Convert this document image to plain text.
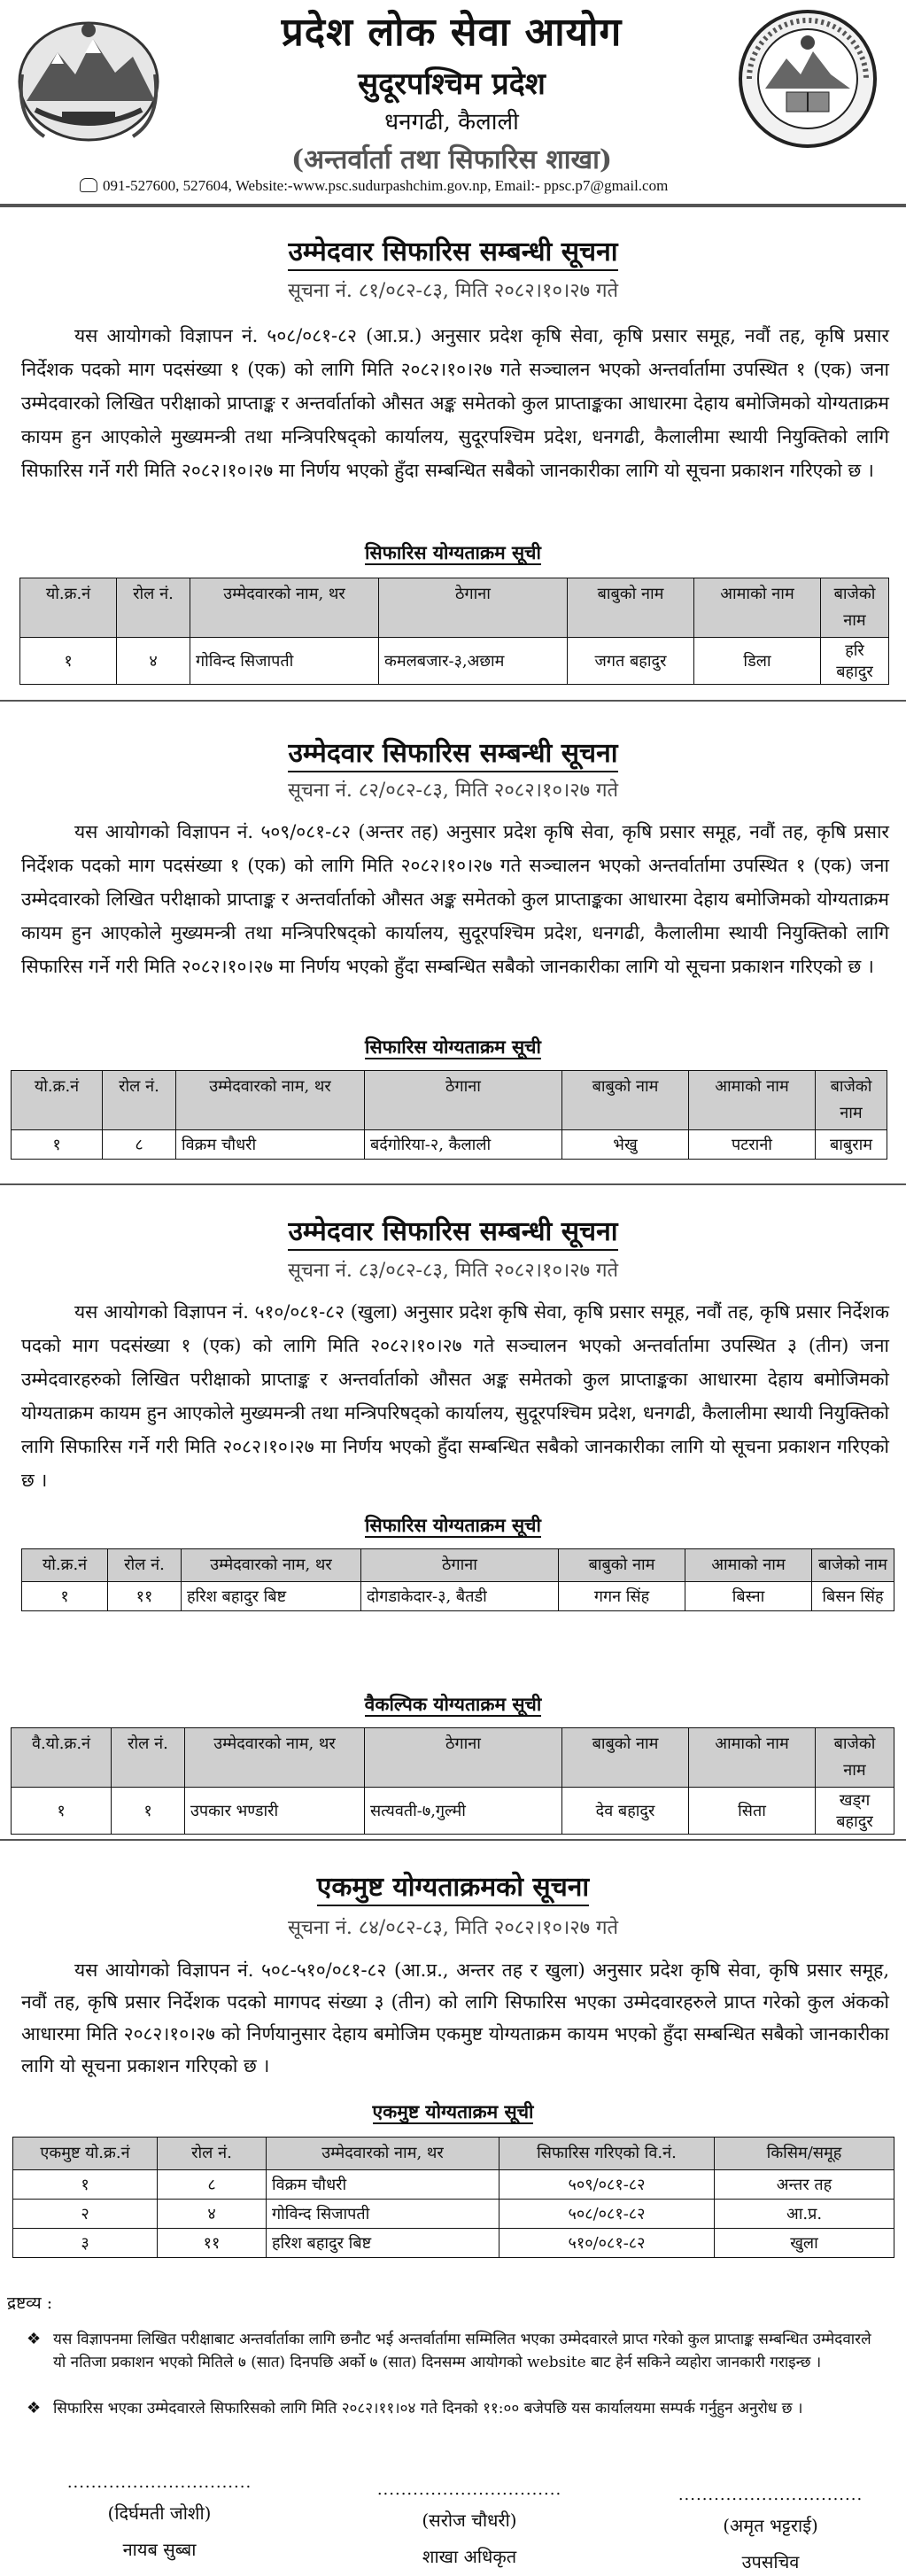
प्रदेश लोक सेवा आयोग
सुदूरपश्चिम प्रदेश
धनगढी, कैलाली
(अन्तर्वार्ता तथा सिफारिस शाखा)
091-527600, 527604, Website:-www.psc.sudurpashchim.gov.np, Email:- ppsc.p7@gmail.com
उम्मेदवार सिफारिस सम्बन्धी सूचना
सूचना नं. ८१/०८२-८३, मिति २०८२।१०।२७ गते
यस आयोगको विज्ञापन नं. ५०८/०८१-८२ (आ.प्र.) अनुसार प्रदेश कृषि सेवा, कृषि प्रसार समूह, नवौं तह, कृषि प्रसार निर्देशक पदको माग पदसंख्या १ (एक) को लागि मिति २०८२।१०।२७ गते सञ्चालन भएको अन्तर्वार्तामा उपस्थित १ (एक) जना उम्मेदवारको लिखित परीक्षाको प्राप्ताङ्क र अन्तर्वार्ताको औसत अङ्क समेतको कुल प्राप्ताङ्कका आधारमा देहाय बमोजिमको योग्यताक्रम कायम हुन आएकोले मुख्यमन्त्री तथा मन्त्रिपरिषद्को कार्यालय, सुदूरपश्चिम प्रदेश, धनगढी, कैलालीमा स्थायी नियुक्तिको लागि सिफारिस गर्ने गरी मिति २०८२।१०।२७ मा निर्णय भएको हुँदा सम्बन्धित सबैको जानकारीका लागि यो सूचना प्रकाशन गरिएको छ ।
सिफारिस योग्यताक्रम सूची
यो.क्र.नं	रोल नं.	उम्मेदवारको नाम, थर	ठेगाना	बाबुको नाम	आमाको नाम	बाजेको नाम
१	४	गोविन्द सिजापती	कमलबजार-३,अछाम	जगत बहादुर	डिला	हरि बहादुर
उम्मेदवार सिफारिस सम्बन्धी सूचना
सूचना नं. ८२/०८२-८३, मिति २०८२।१०।२७ गते
यस आयोगको विज्ञापन नं. ५०९/०८१-८२ (अन्तर तह) अनुसार प्रदेश कृषि सेवा, कृषि प्रसार समूह, नवौं तह, कृषि प्रसार निर्देशक पदको माग पदसंख्या १ (एक) को लागि मिति २०८२।१०।२७ गते सञ्चालन भएको अन्तर्वार्तामा उपस्थित १ (एक) जना उम्मेदवारको लिखित परीक्षाको प्राप्ताङ्क र अन्तर्वार्ताको औसत अङ्क समेतको कुल प्राप्ताङ्कका आधारमा देहाय बमोजिमको योग्यताक्रम कायम हुन आएकोले मुख्यमन्त्री तथा मन्त्रिपरिषद्को कार्यालय, सुदूरपश्चिम प्रदेश, धनगढी, कैलालीमा स्थायी नियुक्तिको लागि सिफारिस गर्ने गरी मिति २०८२।१०।२७ मा निर्णय भएको हुँदा सम्बन्धित सबैको जानकारीका लागि यो सूचना प्रकाशन गरिएको छ ।
सिफारिस योग्यताक्रम सूची
यो.क्र.नं	रोल नं.	उम्मेदवारको नाम, थर	ठेगाना	बाबुको नाम	आमाको नाम	बाजेको नाम
१	८	विक्रम चौधरी	बर्दगोरिया-२, कैलाली	भेखु	पटरानी	बाबुराम
उम्मेदवार सिफारिस सम्बन्धी सूचना
सूचना नं. ८३/०८२-८३, मिति २०८२।१०।२७ गते
यस आयोगको विज्ञापन नं. ५१०/०८१-८२ (खुला) अनुसार प्रदेश कृषि सेवा, कृषि प्रसार समूह, नवौं तह, कृषि प्रसार निर्देशक पदको माग पदसंख्या १ (एक) को लागि मिति २०८२।१०।२७ गते सञ्चालन भएको अन्तर्वार्तामा उपस्थित ३ (तीन) जना उम्मेदवारहरुको लिखित परीक्षाको प्राप्ताङ्क र अन्तर्वार्ताको औसत अङ्क समेतको कुल प्राप्ताङ्कका आधारमा देहाय बमोजिमको योग्यताक्रम कायम हुन आएकोले मुख्यमन्त्री तथा मन्त्रिपरिषद्को कार्यालय, सुदूरपश्चिम प्रदेश, धनगढी, कैलालीमा स्थायी नियुक्तिको लागि सिफारिस गर्ने गरी मिति २०८२।१०।२७ मा निर्णय भएको हुँदा सम्बन्धित सबैको जानकारीका लागि यो सूचना प्रकाशन गरिएको छ ।
सिफारिस योग्यताक्रम सूची
यो.क्र.नं	रोल नं.	उम्मेदवारको नाम, थर	ठेगाना	बाबुको नाम	आमाको नाम	बाजेको नाम
१	११	हरिश बहादुर बिष्ट	दोगडाकेदार-३, बैतडी	गगन सिंह	बिस्ना	बिसन सिंह
वैकल्पिक योग्यताक्रम सूची
वै.यो.क्र.नं	रोल नं.	उम्मेदवारको नाम, थर	ठेगाना	बाबुको नाम	आमाको नाम	बाजेको नाम
१	१	उपकार भण्डारी	सत्यवती-७,गुल्मी	देव बहादुर	सिता	खड्ग बहादुर
एकमुष्ट योग्यताक्रमको सूचना
सूचना नं. ८४/०८२-८३, मिति २०८२।१०।२७ गते
यस आयोगको विज्ञापन नं. ५०८-५१०/०८१-८२ (आ.प्र., अन्तर तह र खुला) अनुसार प्रदेश कृषि सेवा, कृषि प्रसार समूह, नवौं तह, कृषि प्रसार निर्देशक पदको मागपद संख्या ३ (तीन) को लागि सिफारिस भएका उम्मेदवारहरुले प्राप्त गरेको कुल अंकको आधारमा मिति २०८२।१०।२७ को निर्णयानुसार देहाय बमोजिम एकमुष्ट योग्यताक्रम कायम भएको हुँदा सम्बन्धित सबैको जानकारीका लागि यो सूचना प्रकाशन गरिएको छ ।
एकमुष्ट योग्यताक्रम सूची
एकमुष्ट यो.क्र.नं	रोल नं.	उम्मेदवारको नाम, थर	सिफारिस गरिएको वि.नं.	किसिम/समूह
१	८	विक्रम चौधरी	५०९/०८१-८२	अन्तर तह
२	४	गोविन्द सिजापती	५०८/०८१-८२	आ.प्र.
३	११	हरिश बहादुर बिष्ट	५१०/०८१-८२	खुला
द्रष्टव्य :
❖ यस विज्ञापनमा लिखित परीक्षाबाट अन्तर्वार्ताका लागि छनौट भई अन्तर्वार्तामा सम्मिलित भएका उम्मेदवारले प्राप्त गरेको कुल प्राप्ताङ्क सम्बन्धित उम्मेदवारले यो नतिजा प्रकाशन भएको मितिले ७ (सात) दिनपछि अर्को ७ (सात) दिनसम्म आयोगको website बाट हेर्न सकिने व्यहोरा जानकारी गराइन्छ ।
❖ सिफारिस भएका उम्मेदवारले सिफारिसको लागि मिति २०८२।११।०४ गते दिनको ११:०० बजेपछि यस कार्यालयमा सम्पर्क गर्नुहुन अनुरोध छ ।
...............................
(दिर्घमती जोशी)
नायब सुब्बा
...............................
(सरोज चौधरी)
शाखा अधिकृत
...............................
(अमृत भट्टराई)
उपसचिव
